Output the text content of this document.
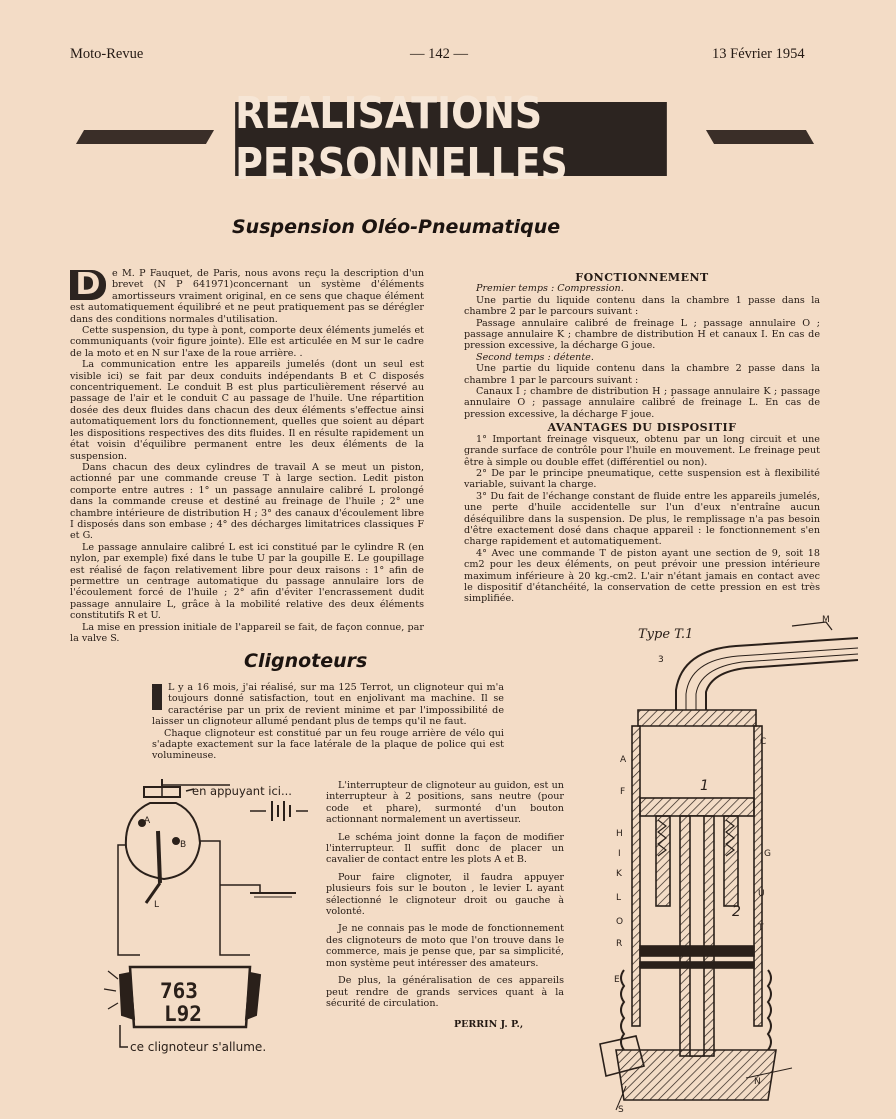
Moto-Revue	— 142 —	13 Février 1954
REALISATIONS PERSONNELLES
Suspension Oléo-Pneumatique
D	e M. P Fauquet, de Paris, nous avons reçu la description d'un brevet (N P 641971)concernant un système d'éléments amortisseurs vraiment original, en ce sens que chaque élément est automatiquement équilibré et ne peut pratiquement pas se dérégler dans des conditions normales d'utilisation.

Cette suspension, du type à pont, comporte deux éléments jumelés et communiquants (voir figure jointe). Elle est articulée en M sur le cadre de la moto et en N sur l'axe de la roue arrière. .

La communication entre les appareils jumelés (dont un seul est visible ici) se fait par deux conduits indépendants B et C disposés concentriquement. Le conduit B est plus particulièrement réservé au passage de l'air et le conduit C au passage de l'huile. Une répartition dosée des deux fluides dans chacun des deux éléments s'effectue ainsi automatiquement lors du fonctionnement, quelles que soient au départ les dispositions respectives des dits fluides. Il en résulte rapidement un état voisin d'équilibre permanent entre les deux éléments de la suspension.

Dans chacun des deux cylindres de travail A se meut un piston, actionné par une commande creuse T à large section. Ledit piston comporte entre autres : 1° un passage annulaire calibré L prolongé dans la commande creuse et destiné au freinage de l'huile ; 2° une chambre intérieure de distribution H ; 3° des canaux d'écoulement libre I disposés dans son embase ; 4° des décharges limitatrices classiques F et G.

Le passage annulaire calibré L est ici constitué par le cylindre R (en nylon, par exemple) fixé dans le tube U par la goupille E. Le goupillage est réalisé de façon relativement libre pour deux raisons : 1° afin de permettre un centrage automatique du passage annulaire lors de l'écoulement forcé de l'huile ; 2° afin d'éviter l'encrassement dudit passage annulaire L, grâce à la mobilité relative des deux éléments constitutifs R et U.

La mise en pression initiale de l'appareil se fait, de façon connue, par la valve S.

FONCTIONNEMENT

Premier temps : Compression.

Une partie du liquide contenu dans la chambre 1 passe dans la chambre 2 par le parcours suivant :

Passage annulaire calibré de freinage L ; passage annulaire O ; passage annulaire K ; chambre de distribution H et canaux I. En cas de pression excessive, la décharge G joue.

Second temps : détente.

Une partie du liquide contenu dans la chambre 2 passe dans la chambre 1 par le parcours suivant :

Canaux I ; chambre de distribution H ; passage annulaire K ; passage annulaire O ; passage annulaire calibré de freinage L. En cas de pression excessive, la décharge F joue.

AVANTAGES DU DISPOSITIF

1° Important freinage visqueux, obtenu par un long circuit et une grande surface de contrôle pour l'huile en mouvement. Le freinage peut être à simple ou double effet (différentiel ou non).

2° De par le principe pneumatique, cette suspension est à flexibilité variable, suivant la charge.

3° Du fait de l'échange constant de fluide entre les appareils jumelés, une perte d'huile accidentelle sur l'un d'eux n'entraîne aucun déséquilibre dans la suspension. De plus, le remplissage n'a pas besoin d'être exactement dosé dans chaque appareil : le fonctionnement s'en charge rapidement et automatiquement.

4° Avec une commande T de piston ayant une section de 9, soit 18 cm2 pour les deux éléments, on peut prévoir une pression intérieure maximum inférieure à 20 kg.-cm2. L'air n'étant jamais en contact avec le dispositif d'étanchéité, la conservation de cette pression en est très simplifiée.

Clignoteurs
I	L y a 16 mois, j'ai réalisé, sur ma 125 Terrot, un clignoteur qui m'a toujours donné satisfaction, tout en enjolivant ma machine. Il se caractérise par un prix de revient minime et par l'impossibilité de laisser un clignoteur allumé pendant plus de temps qu'il ne faut.

Chaque clignoteur est constitué par un feu rouge arrière de vélo qui s'adapte exactement sur la face latérale de la plaque de police qui est volumineuse.

L'interrupteur de clignoteur au guidon, est un interrupteur à 2 positions, sans neutre (pour code et phare), surmonté d'un bouton actionnant normalement un avertisseur.

Le schéma joint donne la façon de modifier l'interrupteur. Il suffit donc de placer un cavalier de contact entre les plots A et B.

Pour faire clignoter, il faudra appuyer plusieurs fois sur le bouton , le levier L ayant sélectionné le clignoteur droit ou gauche à volonté.

Je ne connais pas le mode de fonctionnement des clignoteurs de moto que l'on trouve dans le commerce, mais je pense que, par sa simplicité, mon système peut intéresser des amateurs.

De plus, la généralisation de ces appareils peut rendre de grands services quant à la sécurité de circulation.

PERRIN J. P.,
A
B
L
en appuyant ici...
763
L92
ce clignoteur s'allume.
Type T.1
M
3
C
A
F
H
I
K
L
O
R
E
G
U
1
2
T
N
S
